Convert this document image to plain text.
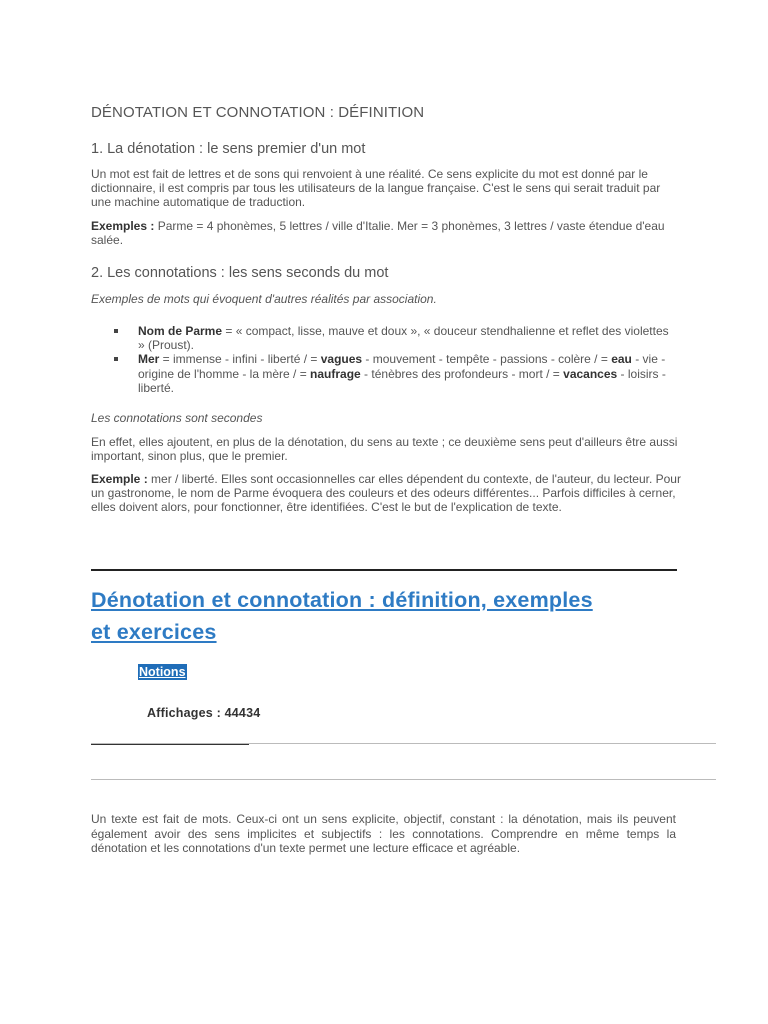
DÉNOTATION ET CONNOTATION : DÉFINITION
1. La dénotation : le sens premier d'un mot
Un mot est fait de lettres et de sons qui renvoient à une réalité. Ce sens explicite du mot est donné par le dictionnaire, il est compris par tous les utilisateurs de la langue française. C'est le sens qui serait traduit par une machine automatique de traduction.
Exemples : Parme = 4 phonèmes, 5 lettres / ville d'Italie. Mer = 3 phonèmes, 3 lettres / vaste étendue d'eau salée.
2. Les connotations : les sens seconds du mot
Exemples de mots qui évoquent d'autres réalités par association.
Nom de Parme = « compact, lisse, mauve et doux », « douceur stendhalienne et reflet des violettes » (Proust).
Mer = immense - infini - liberté / = vagues - mouvement - tempête - passions - colère / = eau - vie - origine de l'homme - la mère / = naufrage - ténèbres des profondeurs - mort / = vacances - loisirs - liberté.
Les connotations sont secondes
En effet, elles ajoutent, en plus de la dénotation, du sens au texte ; ce deuxième sens peut d'ailleurs être aussi important, sinon plus, que le premier.
Exemple : mer / liberté. Elles sont occasionnelles car elles dépendent du contexte, de l'auteur, du lecteur. Pour un gastronome, le nom de Parme évoquera des couleurs et des odeurs différentes... Parfois difficiles à cerner, elles doivent alors, pour fonctionner, être identifiées. C'est le but de l'explication de texte.
Dénotation et connotation : définition, exemples et exercices
Notions
Affichages : 44434
Un texte est fait de mots. Ceux-ci ont un sens explicite, objectif, constant : la dénotation, mais ils peuvent également avoir des sens implicites et subjectifs : les connotations. Comprendre en même temps la dénotation et les connotations d'un texte permet une lecture efficace et agréable.
